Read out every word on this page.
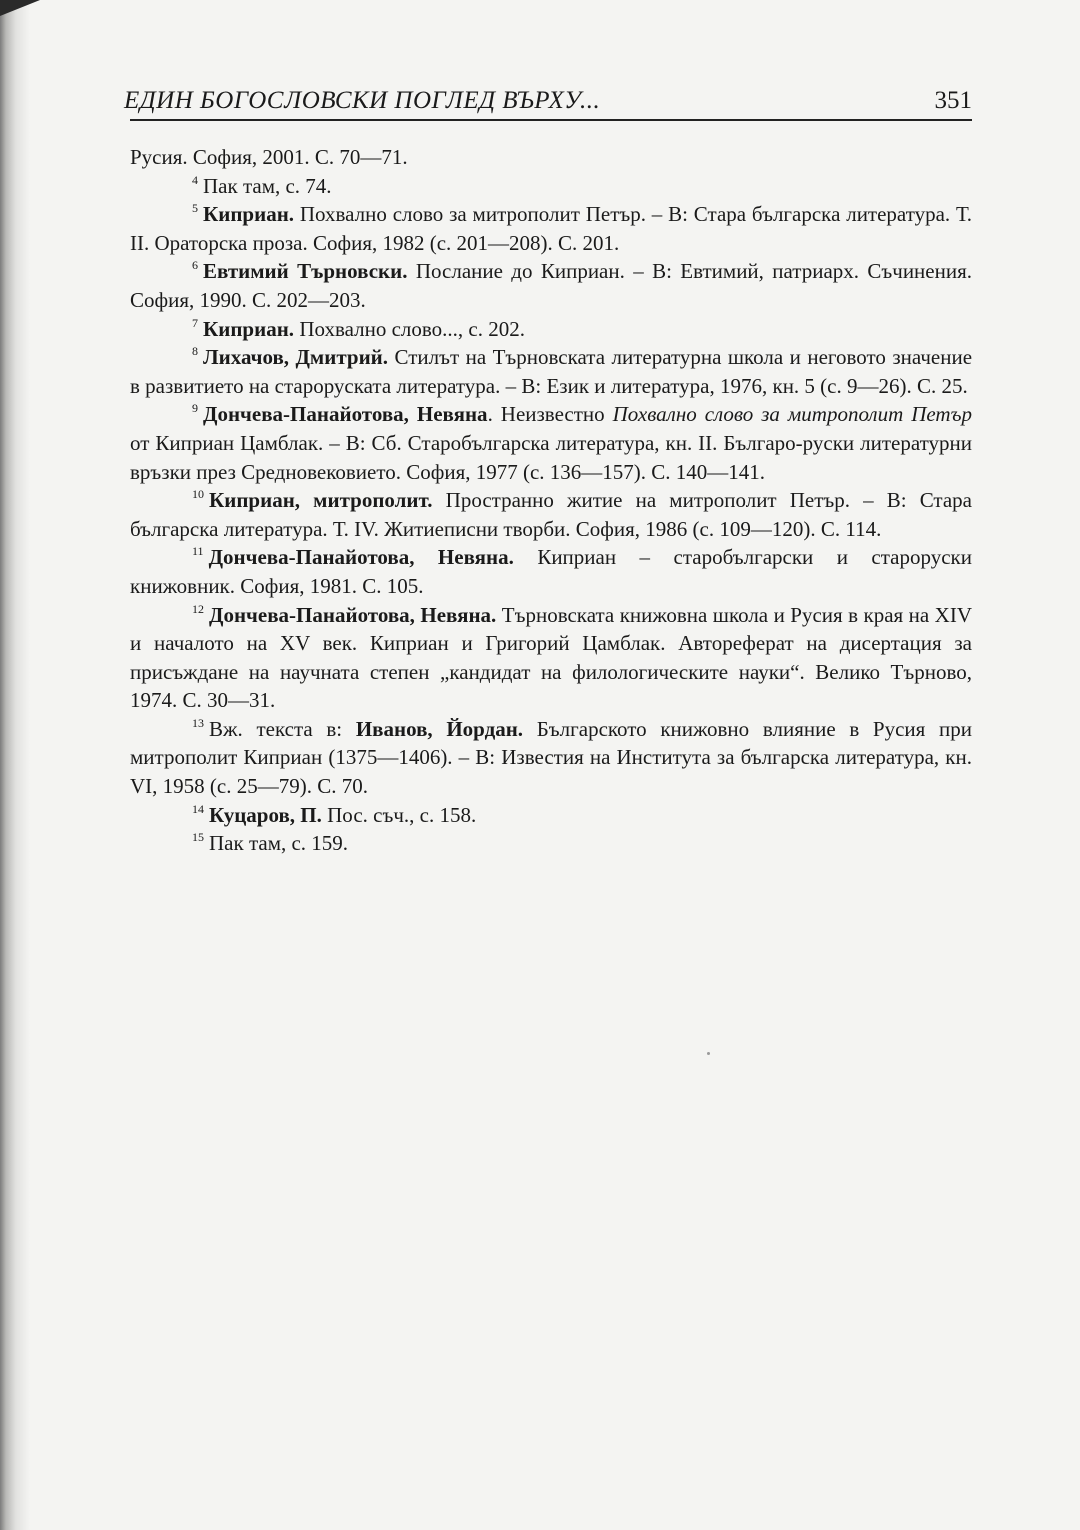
ЕДИН БОГОСЛОВСКИ ПОГЛЕД ВЪРХУ...	351

Русия. София, 2001. С. 70—71.

$^4$ Пак там, с. 74.

$^5$ Киприан. Похвално слово за митрополит Петър. – В: Стара българска литература. Т. II. Ораторска проза. София, 1982 (с. 201—208). С. 201.

$^6$ Евтимий Търновски. Послание до Киприан. – В: Евтимий, патриарх. Съчинения. София, 1990. С. 202—203.

$^7$ Киприан. Похвално слово..., с. 202.

$^8$ Лихачов, Дмитрий. Стилът на Търновската литературна школа и неговото значение в развитието на староруската литература. – В: Език и литература, 1976, кн. 5 (с. 9—26). С. 25.

$^9$ Дончева-Панайотова, Невяна. Неизвестно Похвално слово за митрополит Петър от Киприан Цамблак. – В: Сб. Старобългарска литература, кн. II. Българо-руски литературни връзки през Средновековието. София, 1977 (с. 136—157). С. 140—141.

$^{10}$ Киприан, митрополит. Пространно житие на митрополит Петър. – В: Стара българска литература. Т. IV. Житиеписни творби. София, 1986 (с. 109—120). С. 114.

$^{11}$ Дончева-Панайотова, Невяна. Киприан – старобългарски и староруски книжовник. София, 1981. С. 105.

$^{12}$ Дончева-Панайотова, Невяна. Търновската книжовна школа и Русия в края на XIV и началото на XV век. Киприан и Григорий Цамблак. Автореферат на дисертация за присъждане на научната степен „кандидат на филологическите науки“. Велико Търново, 1974. С. 30—31.

$^{13}$ Вж. текста в: Иванов, Йордан. Българското книжовно влияние в Русия при митрополит Киприан (1375—1406). – В: Известия на Института за българска литература, кн. VI, 1958 (с. 25—79). С. 70.

$^{14}$ Куцаров, П. Пос. съч., с. 158.

$^{15}$ Пак там, с. 159.
